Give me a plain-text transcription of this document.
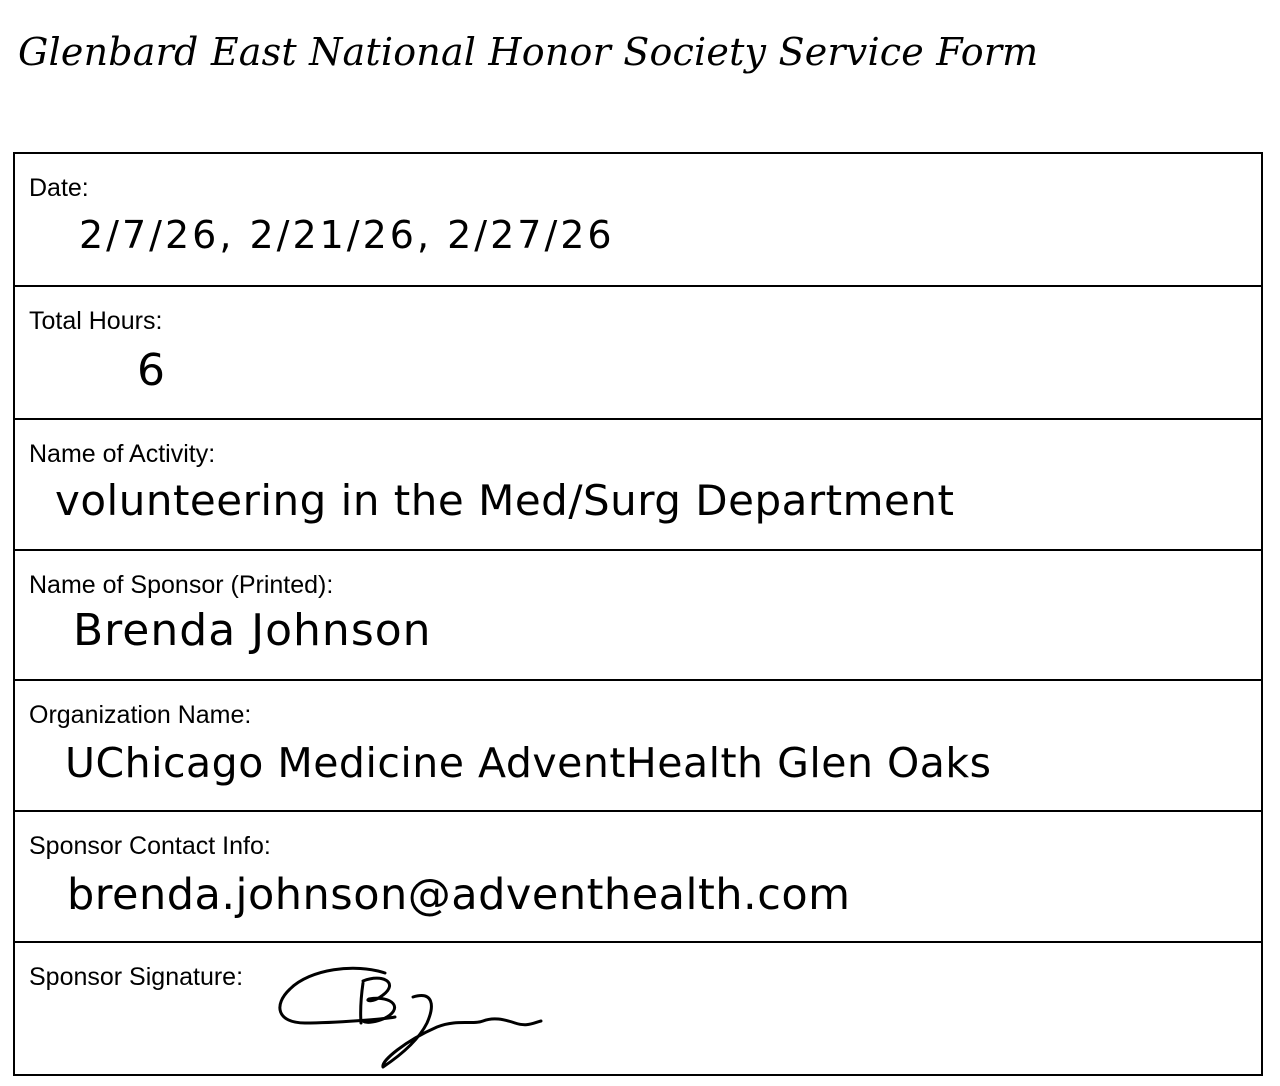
Glenbard East National Honor Society Service Form
Date:
2/7/26, 2/21/26, 2/27/26
Total Hours:
6
Name of Activity:
volunteering in the Med/Surg Department
Name of Sponsor (Printed):
Brenda Johnson
Organization Name:
UChicago Medicine AdventHealth Glen Oaks
Sponsor Contact Info:
brenda.johnson@adventhealth.com
Sponsor Signature:
